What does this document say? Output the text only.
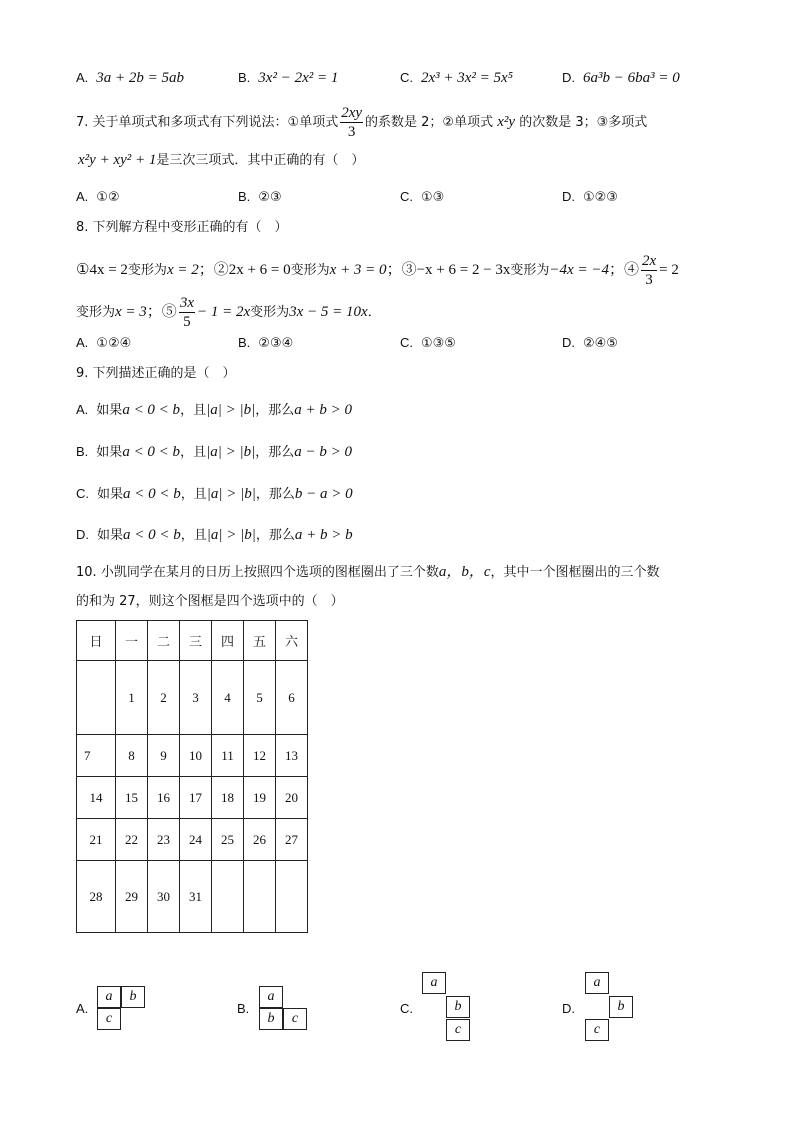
A. 3a + 2b = 5ab	B. 3x² − 2x² = 1	C. 2x³ + 3x² = 5x⁵	D. 6a³b − 6ba³ = 0
7. 关于单项式和多项式有下列说法：①单项式 $\frac{2xy}{3}$ 的系数是 2；②单项式 x²y 的次数是 3；③多项式
x²y + xy² + 1是三次三项式．其中正确的有（　）
A. ①②	B. ②③	C. ①③	D. ①②③
8. 下列解方程中变形正确的有（　）
①4x = 2变形为x = 2；②2x + 6 = 0变形为x + 3 = 0；③−x + 6 = 2 − 3x变形为−4x = −4；④ $\frac{2x}{3} = 2$
变形为x = 3；⑤ $\frac{3x}{5} - 1 = 2x$变形为3x − 5 = 10x．
A. ①②④	B. ②③④	C. ①③⑤	D. ②④⑤
9. 下列描述正确的是（　）
A. 如果a < 0 < b，且|a| > |b|，那么a + b > 0
B. 如果a < 0 < b，且|a| > |b|，那么a − b > 0
C. 如果a < 0 < b，且|a| > |b|，那么b − a > 0
D. 如果a < 0 < b，且|a| > |b|，那么a + b > b
10. 小凯同学在某月的日历上按照四个选项的图框圈出了三个数a，b，c，其中一个图框圈出的三个数
的和为 27，则这个图框是四个选项中的（　）
日	一	二	三	四	五	六
	1	2	3	4	5	6
7	8	9	10	11	12	13
14	15	16	17	18	19	20
21	22	23	24	25	26	27
28	29	30	31			
A.
a	b
c
B.
a
b	c
C.
a
b
c
D.
a
b
c
